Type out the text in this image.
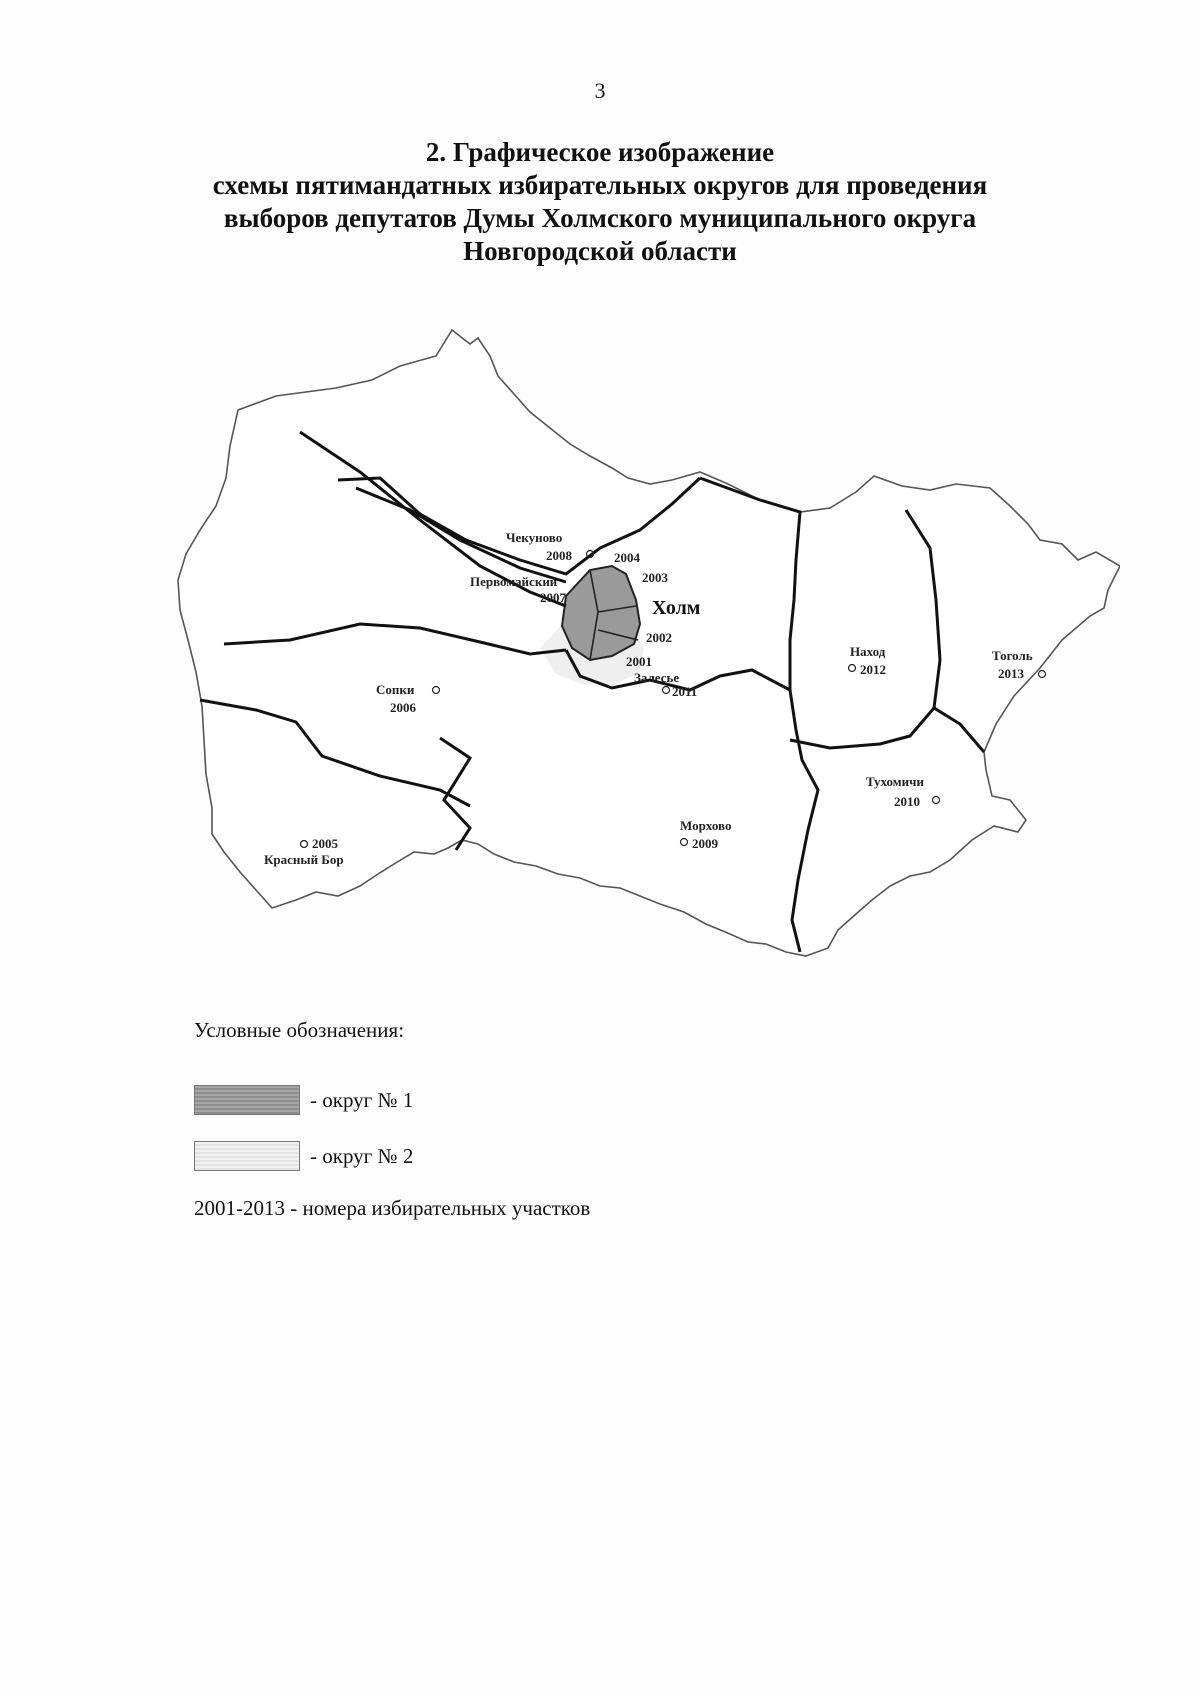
3
2. Графическое изображение
схемы пятимандатных избирательных округов для проведения
выборов депутатов Думы Холмского муниципального округа
Новгородской области
Чекуново
2008
Первомайский
2007
2004
2003
Холм
2002
2001
Залесье
2011
Сопки
2006
Наход
2012
Тоголь
2013
Тухомичи
2010
Морхово
2009
2005
Красный Бор
Условные обозначения:
- округ № 1
- округ № 2
2001-2013 - номера избирательных участков
